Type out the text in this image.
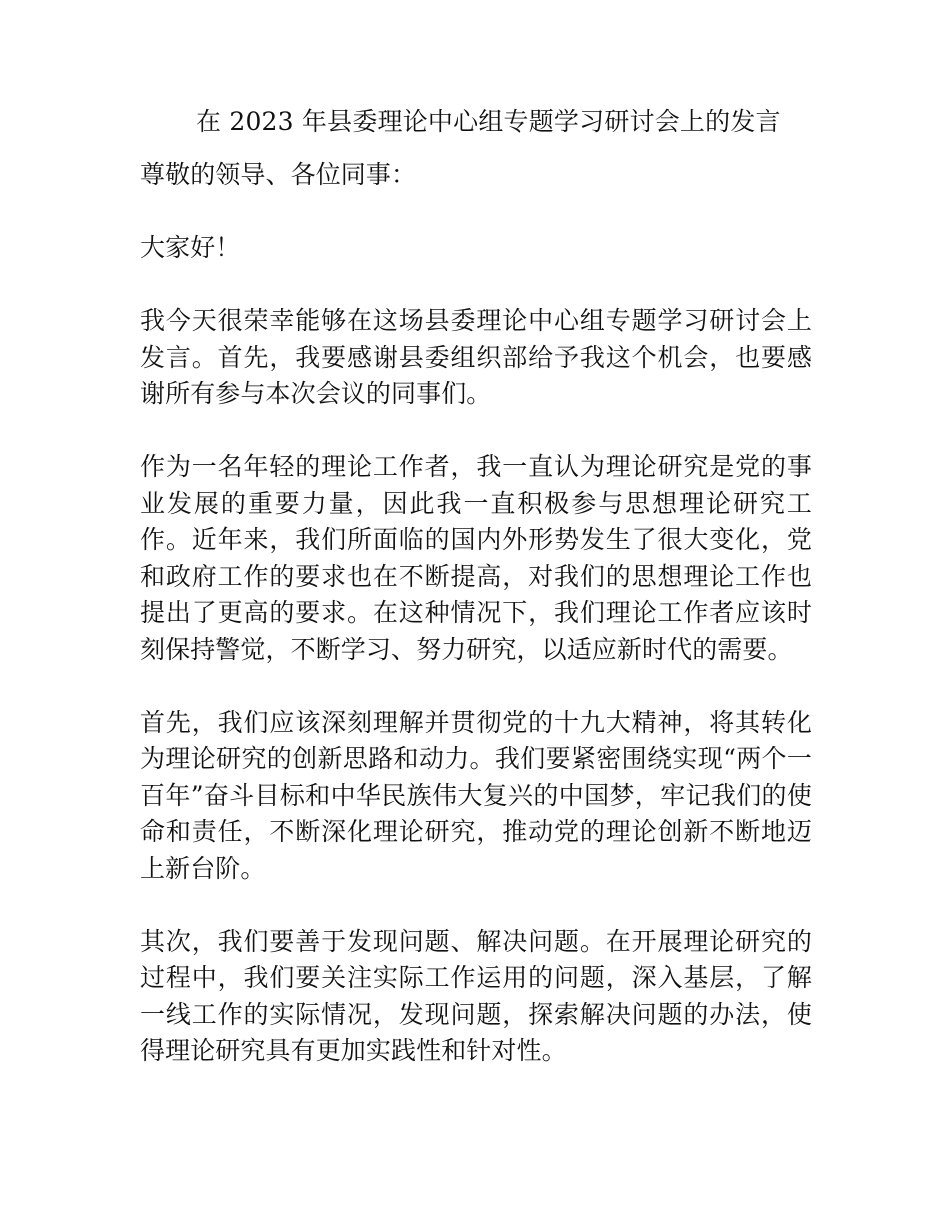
在 2023 年县委理论中心组专题学习研讨会上的发言

尊敬的领导、各位同事：

大家好！

我今天很荣幸能够在这场县委理论中心组专题学习研讨会上发言。首先，我要感谢县委组织部给予我这个机会，也要感谢所有参与本次会议的同事们。

作为一名年轻的理论工作者，我一直认为理论研究是党的事业发展的重要力量，因此我一直积极参与思想理论研究工作。近年来，我们所面临的国内外形势发生了很大变化，党和政府工作的要求也在不断提高，对我们的思想理论工作也提出了更高的要求。在这种情况下，我们理论工作者应该时刻保持警觉，不断学习、努力研究，以适应新时代的需要。

首先，我们应该深刻理解并贯彻党的十九大精神，将其转化为理论研究的创新思路和动力。我们要紧密围绕实现“两个一百年”奋斗目标和中华民族伟大复兴的中国梦，牢记我们的使命和责任，不断深化理论研究，推动党的理论创新不断地迈上新台阶。

其次，我们要善于发现问题、解决问题。在开展理论研究的过程中，我们要关注实际工作运用的问题，深入基层，了解一线工作的实际情况，发现问题，探索解决问题的办法，使得理论研究具有更加实践性和针对性。
